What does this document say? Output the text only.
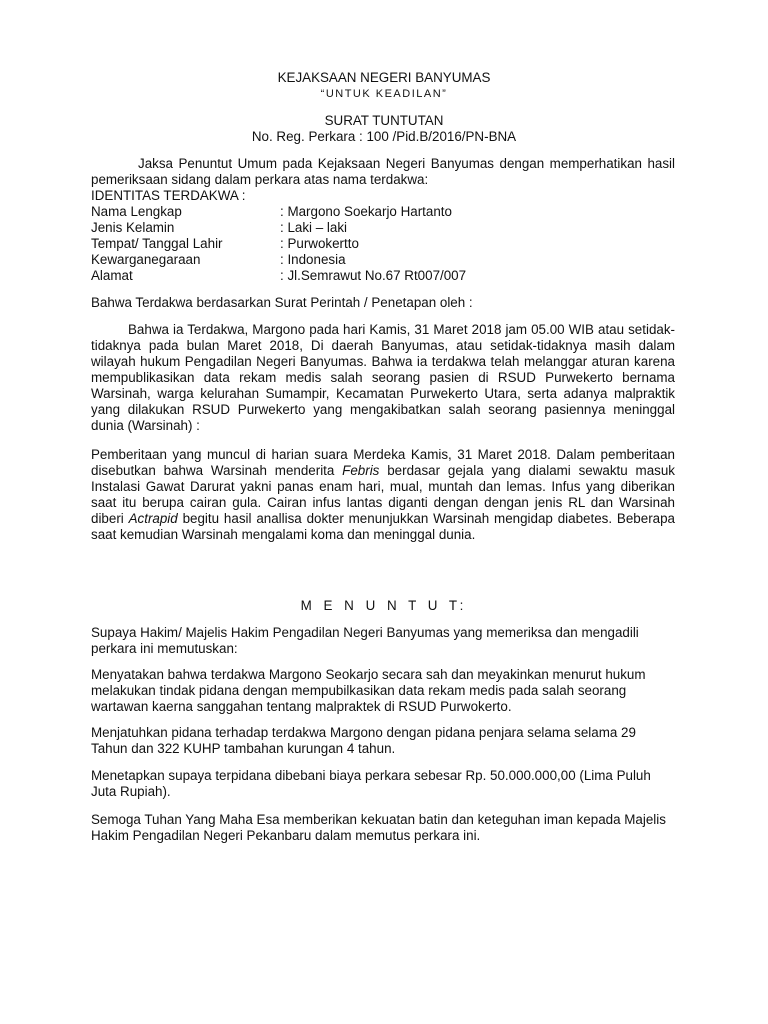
KEJAKSAAN NEGERI BANYUMAS
“UNTUK KEADILAN”
SURAT TUNTUTAN
No. Reg. Perkara : 100 /Pid.B/2016/PN-BNA

Jaksa Penuntut Umum pada Kejaksaan Negeri Banyumas dengan memperhatikan hasil pemeriksaan sidang dalam perkara atas nama terdakwa:

IDENTITAS TERDAKWA :
Nama Lengkap	: Margono Soekarjo Hartanto
Jenis Kelamin	: Laki – laki
Tempat/ Tanggal Lahir	: Purwokertto
Kewarganegaraan	: Indonesia
Alamat	: Jl.Semrawut No.67 Rt007/007

Bahwa Terdakwa berdasarkan Surat Perintah / Penetapan oleh :

Bahwa ia Terdakwa, Margono pada hari Kamis, 31 Maret 2018 jam 05.00 WIB atau setidak-tidaknya pada bulan Maret 2018, Di daerah Banyumas, atau setidak-tidaknya masih dalam wilayah hukum Pengadilan Negeri Banyumas. Bahwa ia terdakwa telah melanggar aturan karena mempublikasikan data rekam medis salah seorang pasien di RSUD Purwekerto bernama Warsinah, warga kelurahan Sumampir, Kecamatan Purwekerto Utara, serta adanya malpraktik yang dilakukan RSUD Purwekerto yang mengakibatkan salah seorang pasiennya meninggal dunia (Warsinah) :

Pemberitaan yang muncul di harian suara Merdeka Kamis, 31 Maret 2018. Dalam pemberitaan disebutkan bahwa Warsinah menderita Febris berdasar gejala yang dialami sewaktu masuk Instalasi Gawat Darurat yakni panas enam hari, mual, muntah dan lemas. Infus yang diberikan saat itu berupa cairan gula. Cairan infus lantas diganti dengan dengan jenis RL dan Warsinah diberi Actrapid begitu hasil anallisa dokter menunjukkan Warsinah mengidap diabetes. Beberapa saat kemudian Warsinah mengalami koma dan meninggal dunia.

M E N U N T U T:

Supaya Hakim/ Majelis Hakim Pengadilan Negeri Banyumas yang memeriksa dan mengadili perkara ini memutuskan:

Menyatakan bahwa terdakwa Margono Seokarjo secara sah dan meyakinkan menurut hukum melakukan tindak pidana dengan mempubilkasikan data rekam medis pada salah seorang wartawan kaerna sanggahan tentang malpraktek di RSUD Purwokerto.

Menjatuhkan pidana terhadap terdakwa Margono dengan pidana penjara selama selama 29 Tahun dan 322 KUHP tambahan kurungan 4 tahun.

Menetapkan supaya terpidana dibebani biaya perkara sebesar Rp. 50.000.000,00 (Lima Puluh Juta Rupiah).

Semoga Tuhan Yang Maha Esa memberikan kekuatan batin dan keteguhan iman kepada Majelis Hakim Pengadilan Negeri Pekanbaru dalam memutus perkara ini.
